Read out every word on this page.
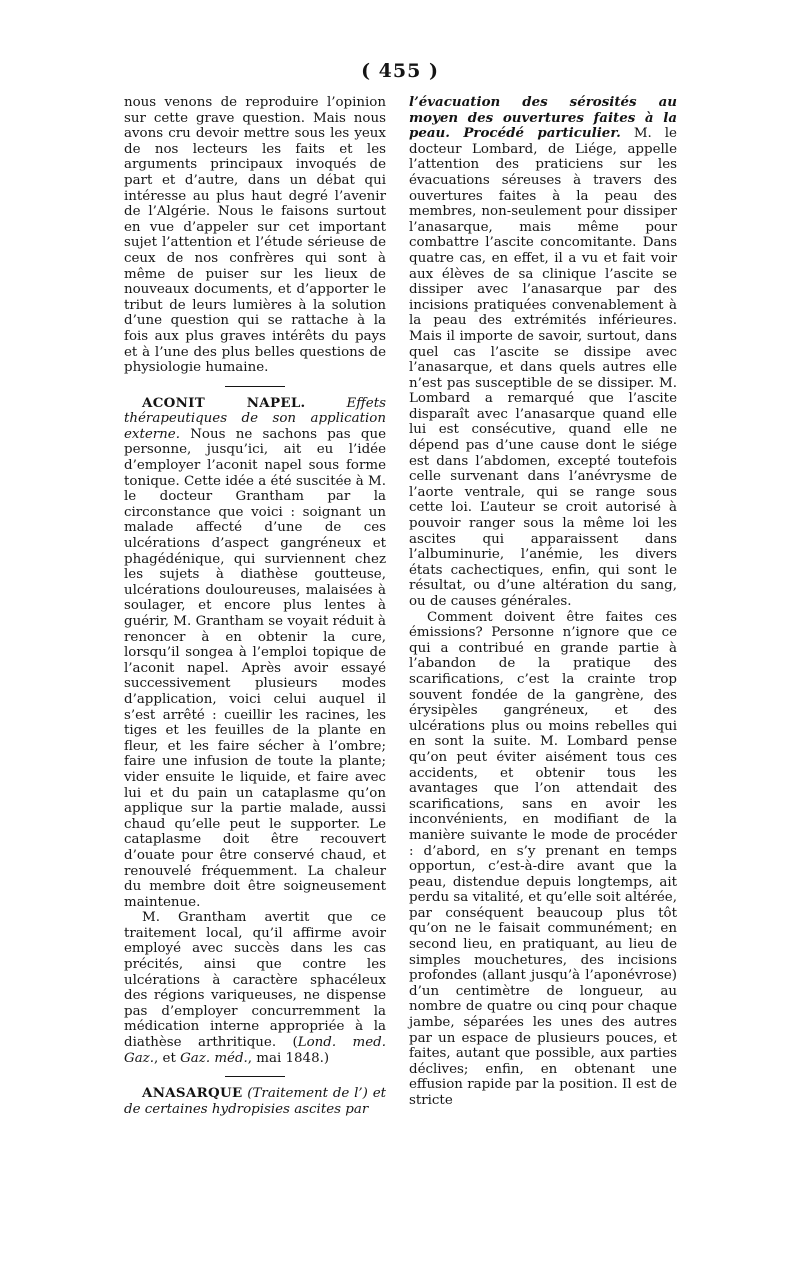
( 455 )

nous venons de reproduire l’opinion sur cette grave question. Mais nous avons cru devoir mettre sous les yeux de nos lecteurs les faits et les arguments principaux invoqués de part et d’autre, dans un débat qui intéresse au plus haut degré l’avenir de l’Algérie. Nous le faisons surtout en vue d’appeler sur cet important sujet l’attention et l’étude sérieuse de ceux de nos confrères qui sont à même de puiser sur les lieux de nouveaux documents, et d’apporter le tribut de leurs lumières à la solution d’une question qui se rattache à la fois aux plus graves intérêts du pays et à l’une des plus belles questions de physiologie humaine.

ACONIT NAPEL.	Effets thérapeutiques de son application externe. Nous ne sachons pas que personne, jusqu’ici, ait eu l’idée d’employer l’aconit napel sous forme tonique. Cette idée a été suscitée à M. le docteur Grantham par la circonstance que voici : soignant un malade affecté d’une de ces ulcérations d’aspect gangréneux et phagédénique, qui surviennent chez les sujets à diathèse goutteuse, ulcérations douloureuses, malaisées à soulager, et encore plus lentes à guérir, M. Grantham se voyait réduit à renoncer à en obtenir la cure, lorsqu’il songea à l’emploi topique de l’aconit napel. Après avoir essayé successivement plusieurs modes d’application, voici celui auquel il s’est arrêté : cueillir les racines, les tiges et les feuilles de la plante en fleur, et les faire sécher à l’ombre; faire une infusion de toute la plante; vider ensuite le liquide, et faire avec lui et du pain un cataplasme qu’on applique sur la partie malade, aussi chaud qu’elle peut le supporter. Le cataplasme doit être recouvert d’ouate pour être conservé chaud, et renouvelé fréquemment. La chaleur du membre doit être soigneusement maintenue.

M. Grantham avertit que ce traitement local, qu’il affirme avoir employé avec succès dans les cas précités, ainsi que contre les ulcérations à caractère sphacéleux des régions variqueuses, ne dispense pas d’employer concurremment la médication interne appropriée à la diathèse arthritique. (Lond. med. Gaz., et Gaz. méd., mai 1848.)

ANASARQUE (Traitement de l’) et de certaines hydropisies ascites par

l’évacuation des sérosités au moyen des ouvertures faites à la peau. Procédé particulier. M. le docteur Lombard, de Liége, appelle l’attention des praticiens sur les évacuations séreuses à travers des ouvertures faites à la peau des membres, non-seulement pour dissiper l’anasarque, mais même pour combattre l’ascite concomitante. Dans quatre cas, en effet, il a vu et fait voir aux élèves de sa clinique l’ascite se dissiper avec l’anasarque par des incisions pratiquées convenablement à la peau des extrémités inférieures. Mais il importe de savoir, surtout, dans quel cas l’ascite se dissipe avec l’anasarque, et dans quels autres elle n’est pas susceptible de se dissiper. M. Lombard a remarqué que l’ascite disparaît avec l’anasarque quand elle lui est consécutive, quand elle ne dépend pas d’une cause dont le siége est dans l’abdomen, excepté toutefois celle survenant dans l’anévrysme de l’aorte ventrale, qui se range sous cette loi. L’auteur se croit autorisé à pouvoir ranger sous la même loi les ascites qui apparaissent dans l’albuminurie, l’anémie, les divers états cachectiques, enfin, qui sont le résultat, ou d’une altération du sang, ou de causes générales.

Comment doivent être faites ces émissions? Personne n’ignore que ce qui a contribué en grande partie à l’abandon de la pratique des scarifications, c’est la crainte trop souvent fondée de la gangrène, des érysipèles gangréneux, et des ulcérations plus ou moins rebelles qui en sont la suite. M. Lombard pense qu’on peut éviter aisément tous ces accidents, et obtenir tous les avantages que l’on attendait des scarifications, sans en avoir les inconvénients, en modifiant de la manière suivante le mode de procéder : d’abord, en s’y prenant en temps opportun, c’est-à-dire avant que la peau, distendue depuis longtemps, ait perdu sa vitalité, et qu’elle soit altérée, par conséquent beaucoup plus tôt qu’on ne le faisait communément; en second lieu, en pratiquant, au lieu de simples mouchetures, des incisions profondes (allant jusqu’à l’aponévrose) d’un centimètre de longueur, au nombre de quatre ou cinq pour chaque jambe, séparées les unes des autres par un espace de plusieurs pouces, et faites, autant que possible, aux parties déclives; enfin, en obtenant une effusion rapide par la position. Il est de stricte
